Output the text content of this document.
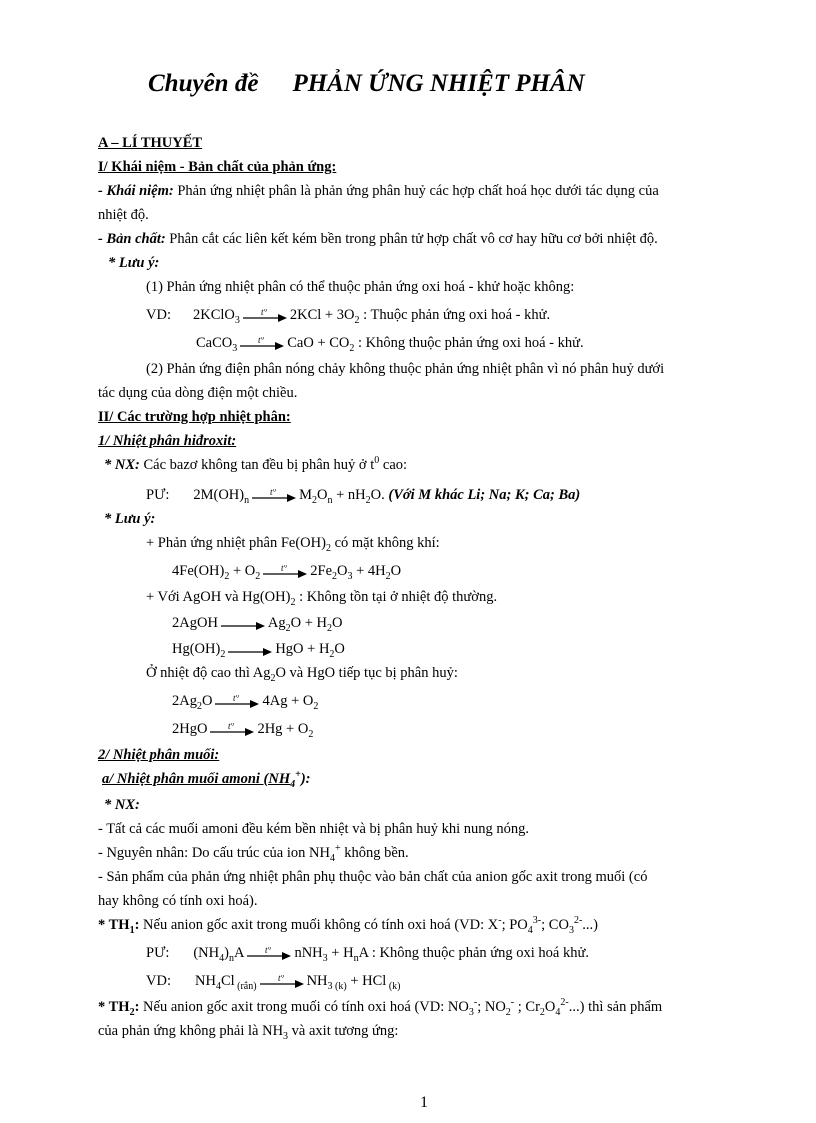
Chuyên đề PHẢN ỨNG NHIỆT PHÂN
A – LÍ THUYẾT
I/ Khái niệm - Bản chất của phản ứng:
- Khái niệm: Phản ứng nhiệt phân là phản ứng phân huỷ các hợp chất hoá học dưới tác dụng của
nhiệt độ.
- Bản chất: Phân cắt các liên kết kém bền trong phân tử hợp chất vô cơ hay hữu cơ bởi nhiệt độ.
* Lưu ý:
(1) Phản ứng nhiệt phân có thể thuộc phản ứng oxi hoá - khử hoặc không:
VD: 2KClO$_3$
t° $2KCl + 3O_2$ : Thuộc phản ứng oxi hoá - khử.
CaCO$_3$
t° CaO + $CO_2$ : Không thuộc phản ứng oxi hoá - khử.
(2) Phản ứng điện phân nóng chảy không thuộc phản ứng nhiệt phân vì nó phân huỷ dưới
tác dụng của dòng điện một chiều.
II/ Các trường hợp nhiệt phân:
1/ Nhiệt phân hiđroxit:
* NX: Các bazơ không tan đều bị phân huỷ ở $t^0$ cao:
PƯ: $2M(OH)_n$
t° $M_2O_n + nH_2O$. (Với M khác Li; Na; K; Ca; Ba)
* Lưu ý:
+ Phản ứng nhiệt phân $Fe(OH)_2$ có mặt không khí:
$4Fe(OH)_2 + O_2$
t° $2Fe_2O_3 + 4H_2O$
+ Với AgOH và $Hg(OH)_2$ : Không tồn tại ở nhiệt độ thường.
2AgOH	$Ag_2O + H_2O$
$Hg(OH)_2$	HgO + $H_2O$
Ở nhiệt độ cao thì $Ag_2O$ và HgO tiếp tục bị phân huỷ:
$2Ag_2O$ t° $4Ag + O_2$
2HgO t° $2Hg + O_2$
2/ Nhiệt phân muối:
a/ Nhiệt phân muối amoni $(NH_4^+)$:
* NX:
- Tất cả các muối amoni đều kém bền nhiệt và bị phân huỷ khi nung nóng.
- Nguyên nhân: Do cấu trúc của ion $NH_4^+$ không bền.
- Sản phẩm của phản ứng nhiệt phân phụ thuộc vào bản chất của anion gốc axit trong muối (có
hay không có tính oxi hoá).
* $TH_1$: Nếu anion gốc axit trong muối không có tính oxi hoá (VD: X-; $PO_4^{3-}$; $CO_3^{2-}$...)
PƯ: $(NH_4)_nA$ t° $nNH_3 + H_nA$ : Không thuộc phản ứng oxi hoá khử.
VD: $NH_4Cl$ $_{(rắn)}$
t° $NH_{3 (k)}$ + HCl $_{(k)}$
* $TH_2$: Nếu anion gốc axit trong muối có tính oxi hoá (VD: $NO_3^-$; $NO_2^-$ ; $Cr_2O_4^{2-}$...) thì sản phẩm
của phản ứng không phải là $NH_3$ và axit tương ứng:
1
